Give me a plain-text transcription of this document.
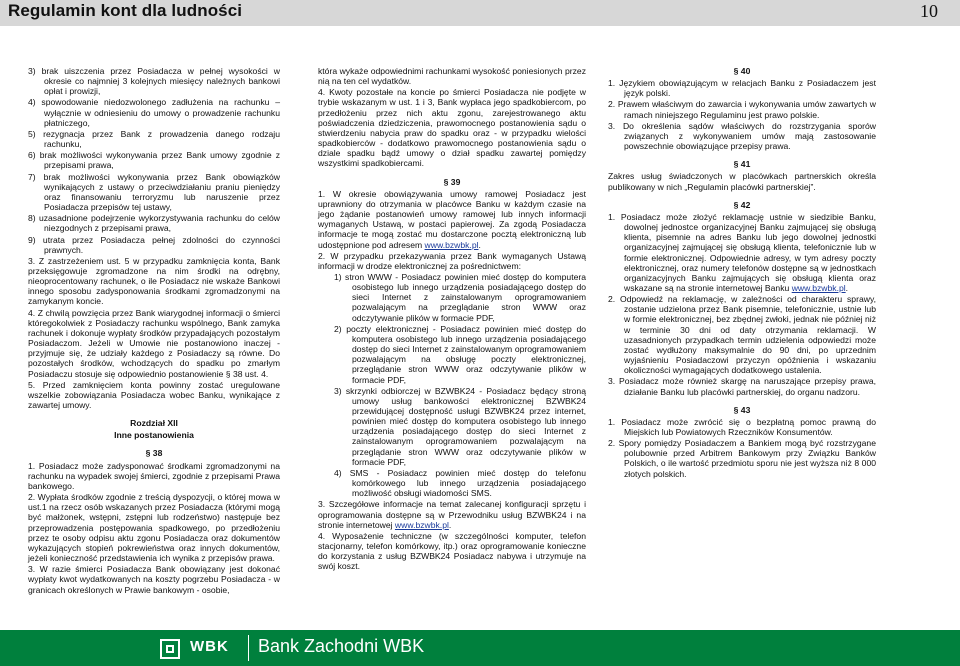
Regulamin kont dla ludności	10

3) brak uiszczenia przez Posiadacza w pełnej wysokości w okresie co najmniej 3 kolejnych miesięcy należnych bankowi opłat i prowizji,

4) spowodowanie niedozwolonego zadłużenia na rachunku – wyłącznie w odniesieniu do umowy o prowadzenie rachunku płatniczego,

5) rezygnacja przez Bank z prowadzenia danego rodzaju rachunku,

6) brak możliwości wykonywania przez Bank umowy zgodnie z przepisami prawa,

7) brak możliwości wykonywania przez Bank obowiązków wynikających z ustawy o przeciwdziałaniu praniu pieniędzy oraz finansowaniu terroryzmu lub naruszenie przez Posiadacza przepisów tej ustawy,

8) uzasadnione podejrzenie wykorzystywania rachunku do celów niezgodnych z przepisami prawa,

9) utrata przez Posiadacza pełnej zdolności do czynności prawnych.

3. Z zastrzeżeniem ust. 5 w przypadku zamknięcia konta, Bank przeksięgowuje zgromadzone na nim środki na odrębny, nieoprocentowany rachunek, o ile Posiadacz nie wskaże Bankowi innego sposobu zadysponowania środkami zgromadzonymi na zamykanym koncie.

4. Z chwilą powzięcia przez Bank wiarygodnej informacji o śmierci któregokolwiek z Posiadaczy rachunku wspólnego, Bank zamyka rachunek i dokonuje wypłaty środków przypadających pozostałym Posiadaczom. Jeżeli w Umowie nie postanowiono inaczej - przyjmuje się, że udziały każdego z Posiadaczy są równe. Do pozostałych środków, wchodzących do spadku po zmarłym Posiadaczu stosuje się odpowiednio postanowienie § 38 ust. 4.

5. Przed zamknięciem konta powinny zostać uregulowane wszelkie zobowiązania Posiadacza wobec Banku, wynikające z zawartej umowy.

Rozdział XII
Inne postanowienia
§ 38

1. Posiadacz może zadysponować środkami zgromadzonymi na rachunku na wypadek swojej śmierci, zgodnie z przepisami Prawa bankowego.

2. Wypłata środków zgodnie z treścią dyspozycji, o której mowa w ust.1 na rzecz osób wskazanych przez Posiadacza (którymi mogą być małżonek, wstępni, zstępni lub rodzeństwo) następuje bez przeprowadzenia postępowania spadkowego, po przedłożeniu przez te osoby odpisu aktu zgonu Posiadacza oraz dokumentów wykazujących stopień pokrewieństwa oraz innych dokumentów, jeżeli konieczność przedstawienia ich wynika z przepisów prawa.

3. W razie śmierci Posiadacza Bank obowiązany jest dokonać wypłaty kwot wydatkowanych na koszty pogrzebu Posiadacza - w granicach określonych w Prawie bankowym - osobie,

która wykaże odpowiednimi rachunkami wysokość poniesionych przez nią na ten cel wydatków.

4. Kwoty pozostałe na koncie po śmierci Posiadacza nie podjęte w trybie wskazanym w ust. 1 i 3, Bank wypłaca jego spadkobiercom, po przedłożeniu przez nich aktu zgonu, zarejestrowanego aktu poświadczenia dziedziczenia, prawomocnego postanowienia sądu o stwierdzeniu nabycia praw do spadku oraz - w przypadku wielości spadkobierców - dodatkowo prawomocnego postanowienia sądu o dziale spadku bądź umowy o dział spadku zawartej pomiędzy wszystkimi spadkobiercami.

§ 39

1. W okresie obowiązywania umowy ramowej Posiadacz jest uprawniony do otrzymania w placówce Banku w każdym czasie na jego żądanie postanowień umowy ramowej lub innych informacji wymaganych Ustawą, w postaci papierowej. Za zgodą Posiadacza informacje te mogą zostać mu dostarczone pocztą elektroniczną lub udostępnione pod adresem www.bzwbk.pl.

2. W przypadku przekazywania przez Bank wymaganych Ustawą informacji w drodze elektronicznej za pośrednictwem:

1) stron WWW - Posiadacz powinien mieć dostęp do komputera osobistego lub innego urządzenia posiadającego dostęp do sieci Internet z zainstalowanym oprogramowaniem pozwalającym na przeglądanie stron WWW oraz odczytywanie plików w formacie PDF,

2) poczty elektronicznej - Posiadacz powinien mieć dostęp do komputera osobistego lub innego urządzenia posiadającego dostęp do sieci Internet z zainstalowanym oprogramowaniem pozwalającym na obsługę poczty elektronicznej, przeglądanie stron WWW oraz odczytywanie plików w formacie PDF,

3) skrzynki odbiorczej w BZWBK24 - Posiadacz będący stroną umowy usług bankowości elektronicznej BZWBK24 przewidującej dostępność usługi BZWBK24 przez internet, powinien mieć dostęp do komputera osobistego lub innego urządzenia posiadającego dostęp do sieci Internet z zainstalowanym oprogramowaniem pozwalającym na przeglądanie stron WWW oraz odczytywanie plików w formacie PDF,

4) SMS - Posiadacz powinien mieć dostęp do telefonu komórkowego lub innego urządzenia posiadającego możliwość obsługi wiadomości SMS.

3. Szczegółowe informacje na temat zalecanej konfiguracji sprzętu i oprogramowania dostępne są w Przewodniku usług BZWBK24 i na stronie internetowej www.bzwbk.pl.

4. Wyposażenie techniczne (w szczególności komputer, telefon stacjonarny, telefon komórkowy, itp.) oraz oprogramowanie konieczne do korzystania z usług BZWBK24 Posiadacz nabywa i utrzymuje na swój koszt.

§ 40

1. Językiem obowiązującym w relacjach Banku z Posiadaczem jest język polski.

2. Prawem właściwym do zawarcia i wykonywania umów zawartych w ramach niniejszego Regulaminu jest prawo polskie.

3. Do określenia sądów właściwych do rozstrzygania sporów związanych z wykonywaniem umów mają zastosowanie powszechnie obowiązujące przepisy prawa.

§ 41

Zakres usług świadczonych w placówkach partnerskich określa publikowany w nich „Regulamin placówki partnerskiej”.

§ 42

1. Posiadacz może złożyć reklamację ustnie w siedzibie Banku, dowolnej jednostce organizacyjnej Banku zajmującej się obsługą klienta, pisemnie na adres Banku lub jego dowolnej jednostki organizacyjnej zajmującej się obsługą klienta, telefonicznie lub w formie elektronicznej. Odpowiednie adresy, w tym adresy poczty elektronicznej, oraz numery telefonów dostępne są w jednostkach organizacyjnych Banku zajmujących się obsługą klienta oraz wskazane są na stronie internetowej Banku www.bzwbk.pl.

2. Odpowiedź na reklamację, w zależności od charakteru sprawy, zostanie udzielona przez Bank pisemnie, telefonicznie, ustnie lub w formie elektronicznej, bez zbędnej zwłoki, jednak nie później niż w terminie 30 dni od daty otrzymania reklamacji. W uzasadnionych przypadkach termin udzielenia odpowiedzi może zostać wydłużony maksymalnie do 90 dni, po uprzednim wyjaśnieniu Posiadaczowi przyczyn opóźnienia i wskazaniu okoliczności wymagających dodatkowego ustalenia.

3. Posiadacz może również skargę na naruszające przepisy prawa, działanie Banku lub placówki partnerskiej, do organu nadzoru.

§ 43

1. Posiadacz może zwrócić się o bezpłatną pomoc prawną do Miejskich lub Powiatowych Rzeczników Konsumentów.

2. Spory pomiędzy Posiadaczem a Bankiem mogą być rozstrzygane polubownie przed Arbitrem Bankowym przy Związku Banków Polskich, o ile wartość przedmiotu sporu nie jest wyższa niż 8 000 złotych polskich.

WBK Bank Zachodni WBK
